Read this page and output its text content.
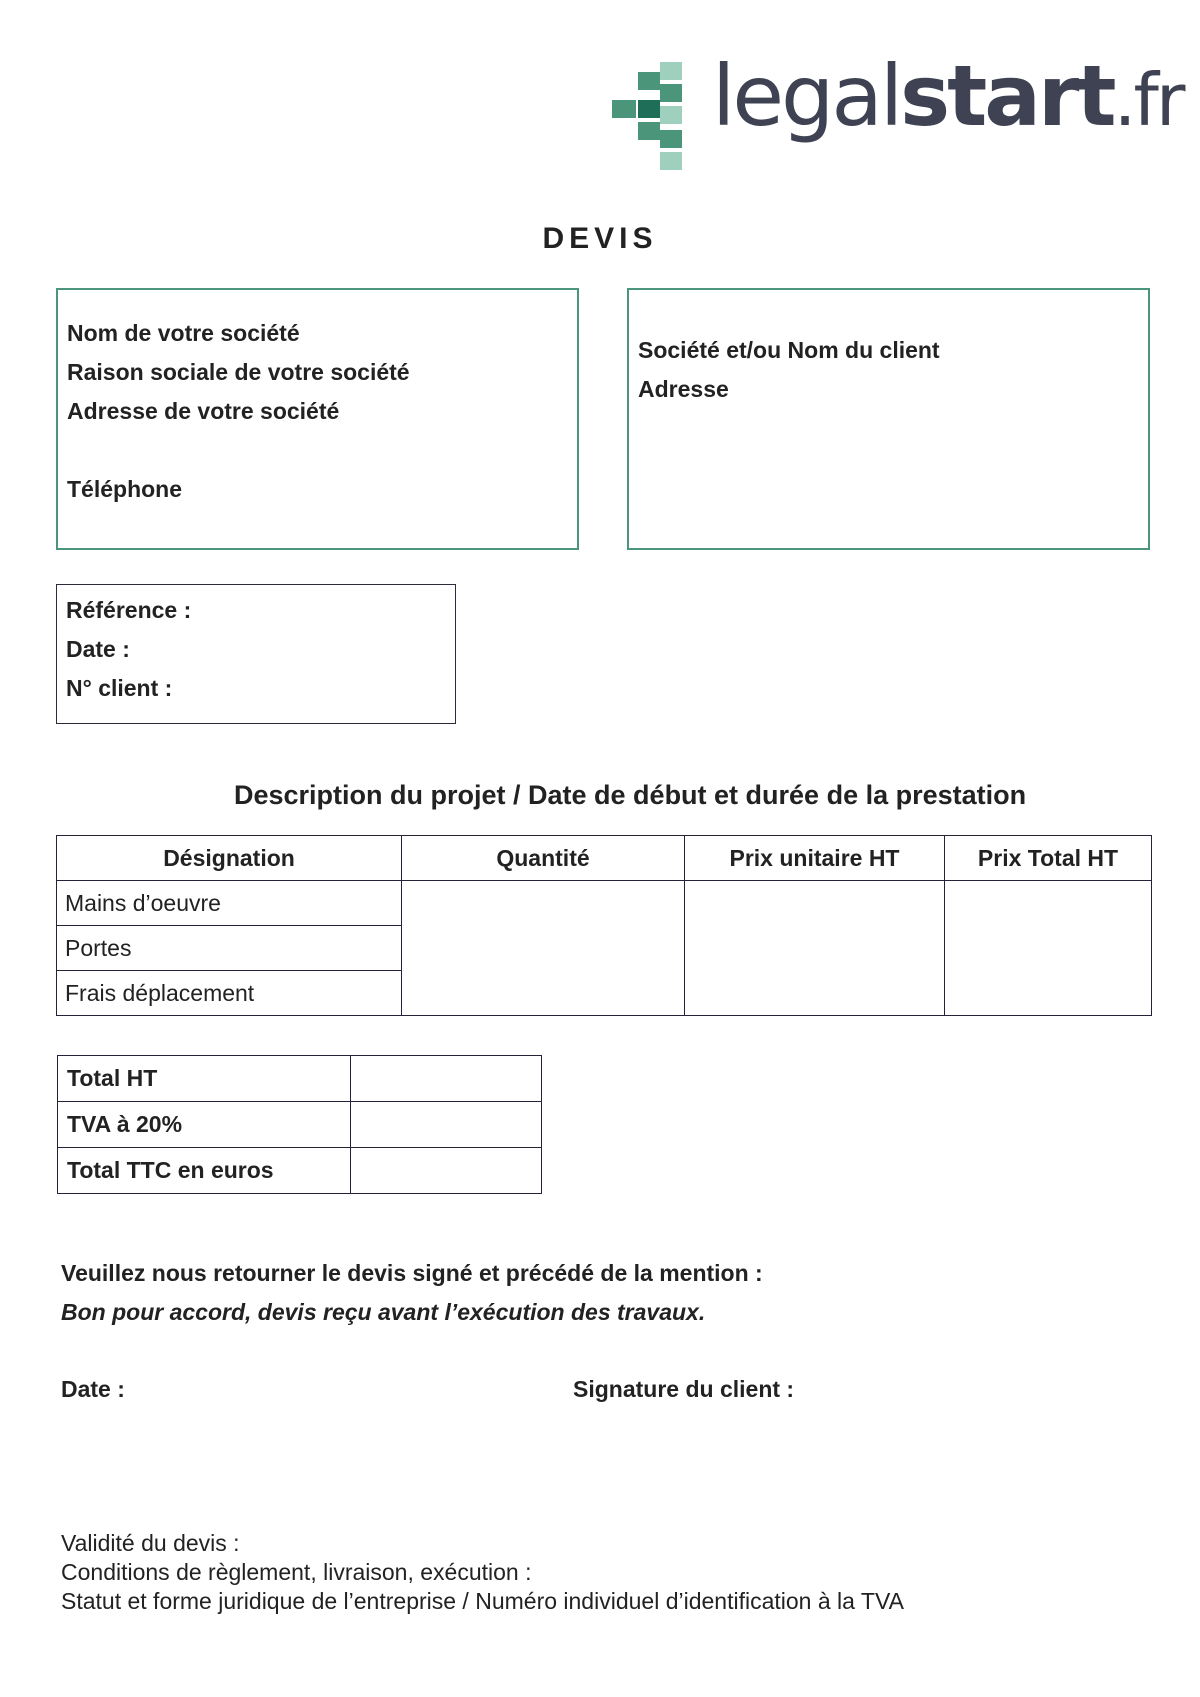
legalstart.fr
DEVIS
Nom de votre société
Raison sociale de votre société
Adresse de votre société
Téléphone
Société et/ou Nom du client
Adresse
Référence :
Date :
N° client :
Description du projet / Date de début et durée de la prestation
Désignation	Quantité	Prix unitaire HT	Prix Total HT
Mains d’oeuvre			
Portes			
Frais déplacement			
Total HT	
TVA à 20%	
Total TTC en euros	
Veuillez nous retourner le devis signé et précédé de la mention :
Bon pour accord, devis reçu avant l’exécution des travaux.
Date :	Signature du client :
Validité du devis :
Conditions de règlement, livraison, exécution :
Statut et forme juridique de l’entreprise / Numéro individuel d’identification à la TVA
